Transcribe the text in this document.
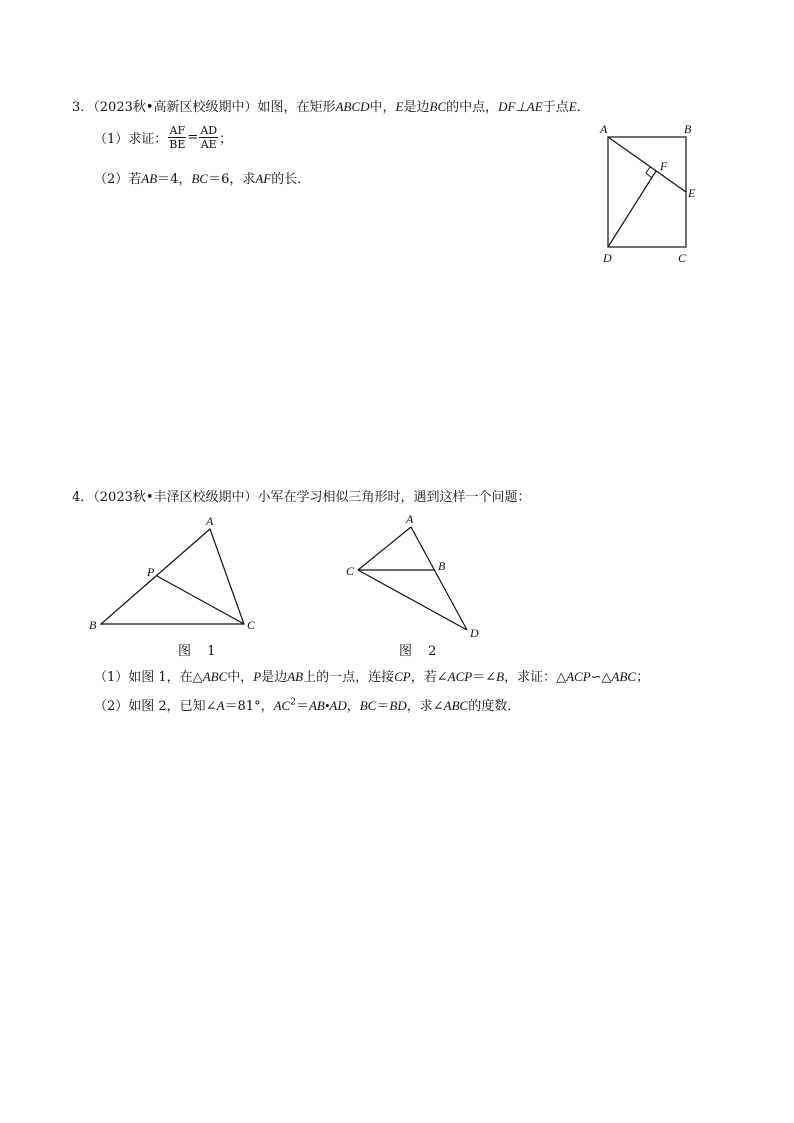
3．（2023秋•高新区校级期中）如图，在矩形ABCD中，E是边BC的中点，DF⊥AE于点E．
（1）求证： $\frac{AF}{BE} = \frac{AD}{AE}$ ；
（2）若AB＝4，BC＝6，求AF的长．
A	B
F
E
D	C
4．（2023秋•丰泽区校级期中）小军在学习相似三角形时，遇到这样一个问题：
A
P
B	C
A
C	B
D
图 1	图 2
（1）如图 1，在△ABC中，P是边AB上的一点，连接CP，若∠ACP＝∠B，求证：△ACP∽△ABC；
（2）如图 2，已知∠A＝81°，$AC^2=AB•AD$，BC＝BD，求∠ABC的度数．
